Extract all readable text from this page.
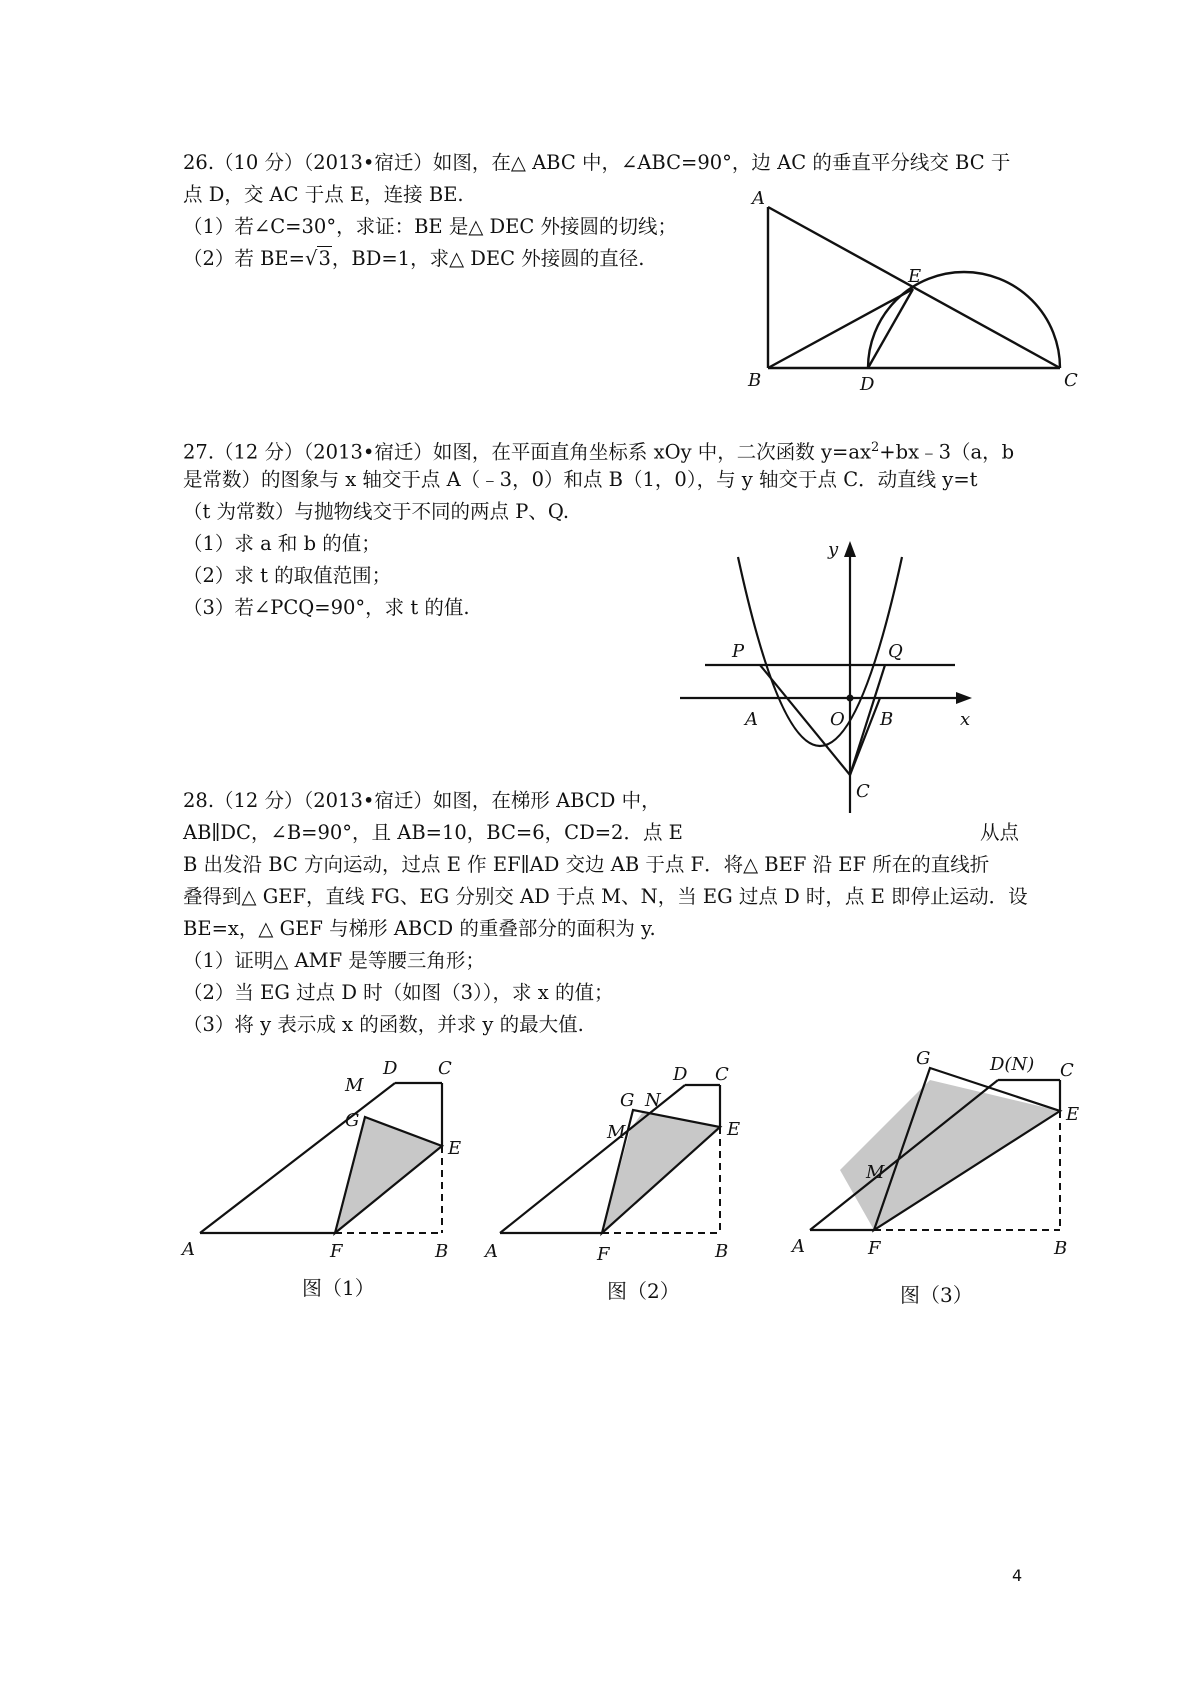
26.（10 分）（2013•宿迁）如图，在△ ABC 中，∠ABC=90°，边 AC 的垂直平分线交 BC 于
点 D，交 AC 于点 E，连接 BE.
（1）若∠C=30°，求证：BE 是△ DEC 外接圆的切线；
（2）若 BE=√3，BD=1，求△ DEC 外接圆的直径.
A
B	C
D
E
27.（12 分）（2013•宿迁）如图，在平面直角坐标系 xOy 中，二次函数 $y=ax^2+bx﹣3(a$，b
是常数）的图象与 x 轴交于点 A（﹣3，0）和点 B（1，0），与 y 轴交于点 C．动直线 y=t
（t 为常数）与抛物线交于不同的两点 P、Q.
（1）求 a 和 b 的值；
（2）求 t 的取值范围；
（3）若∠PCQ=90°，求 t 的值.
y
x
P	Q
A	O B
C
28.（12 分）（2013•宿迁）如图，在梯形 ABCD 中，
AB∥DC，∠B=90°，且 AB=10，BC=6，CD=2．点 E	从点
B 出发沿 BC 方向运动，过点 E 作 EF∥AD 交边 AB 于点 F．将△ BEF 沿 EF 所在的直线折
叠得到△ GEF，直线 FG、EG 分别交 AD 于点 M、N，当 EG 过点 D 时，点 E 即停止运动．设
BE=x，△ GEF 与梯形 ABCD 的重叠部分的面积为 y.
（1）证明△ AMF 是等腰三角形；
（2）当 EG 过点 D 时（如图（3）），求 x 的值；
（3）将 y 表示成 x 的函数，并求 y 的最大值.
A	F	B
E
G
M
D C
图（1）
A	F	B
E
M
G N
D C
图（2）
A	F	B
E
C
D(N)
G
M
图（3）
4
